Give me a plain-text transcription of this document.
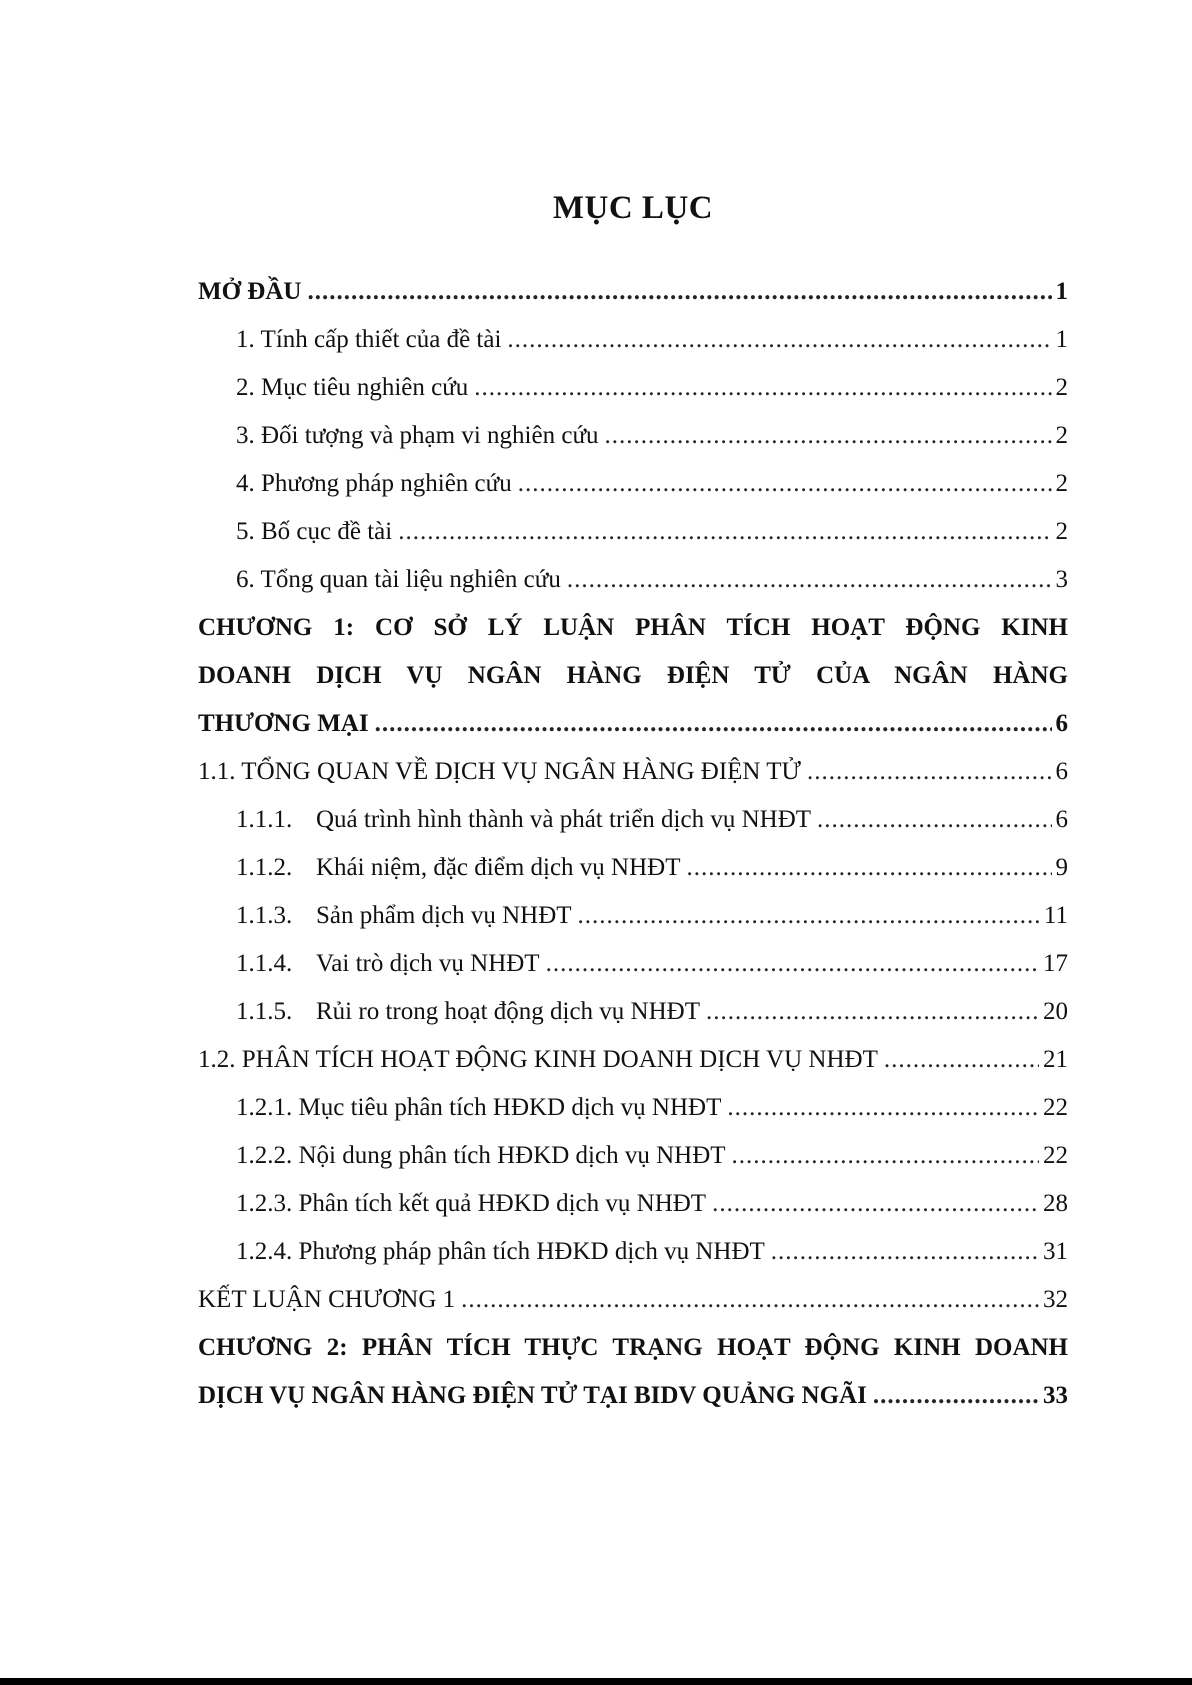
MỤC LỤC
MỞ ĐẦU .....	1
1. Tính cấp thiết của đề tài .....	1
2. Mục tiêu nghiên cứu .....	2
3. Đối tượng và phạm vi nghiên cứu .....	2
4. Phương pháp nghiên cứu .....	2
5. Bố cục đề tài .....	2
6. Tổng quan tài liệu nghiên cứu .....	3
CHƯƠNG 1: CƠ SỞ LÝ LUẬN PHÂN TÍCH HOẠT ĐỘNG KINH
DOANH DỊCH VỤ NGÂN HÀNG ĐIỆN TỬ CỦA NGÂN HÀNG
THƯƠNG MẠI .....	6
1.1. TỔNG QUAN VỀ DỊCH VỤ NGÂN HÀNG ĐIỆN TỬ .....	6
1.1.1. Quá trình hình thành và phát triển dịch vụ NHĐT .....	6
1.1.2. Khái niệm, đặc điểm dịch vụ NHĐT .....	9
1.1.3. Sản phẩm dịch vụ NHĐT .....	11
1.1.4. Vai trò dịch vụ NHĐT .....	17
1.1.5. Rủi ro trong hoạt động dịch vụ NHĐT .....	20
1.2. PHÂN TÍCH HOẠT ĐỘNG KINH DOANH DỊCH VỤ NHĐT .....	21
1.2.1. Mục tiêu phân tích HĐKD dịch vụ NHĐT .....	22
1.2.2. Nội dung phân tích HĐKD dịch vụ NHĐT .....	22
1.2.3. Phân tích kết quả HĐKD dịch vụ NHĐT .....	28
1.2.4. Phương pháp phân tích HĐKD dịch vụ NHĐT .....	31
KẾT LUẬN CHƯƠNG 1 .....	32
CHƯƠNG 2: PHÂN TÍCH THỰC TRẠNG HOẠT ĐỘNG KINH DOANH
DỊCH VỤ NGÂN HÀNG ĐIỆN TỬ TẠI BIDV QUẢNG NGÃI .....	33
